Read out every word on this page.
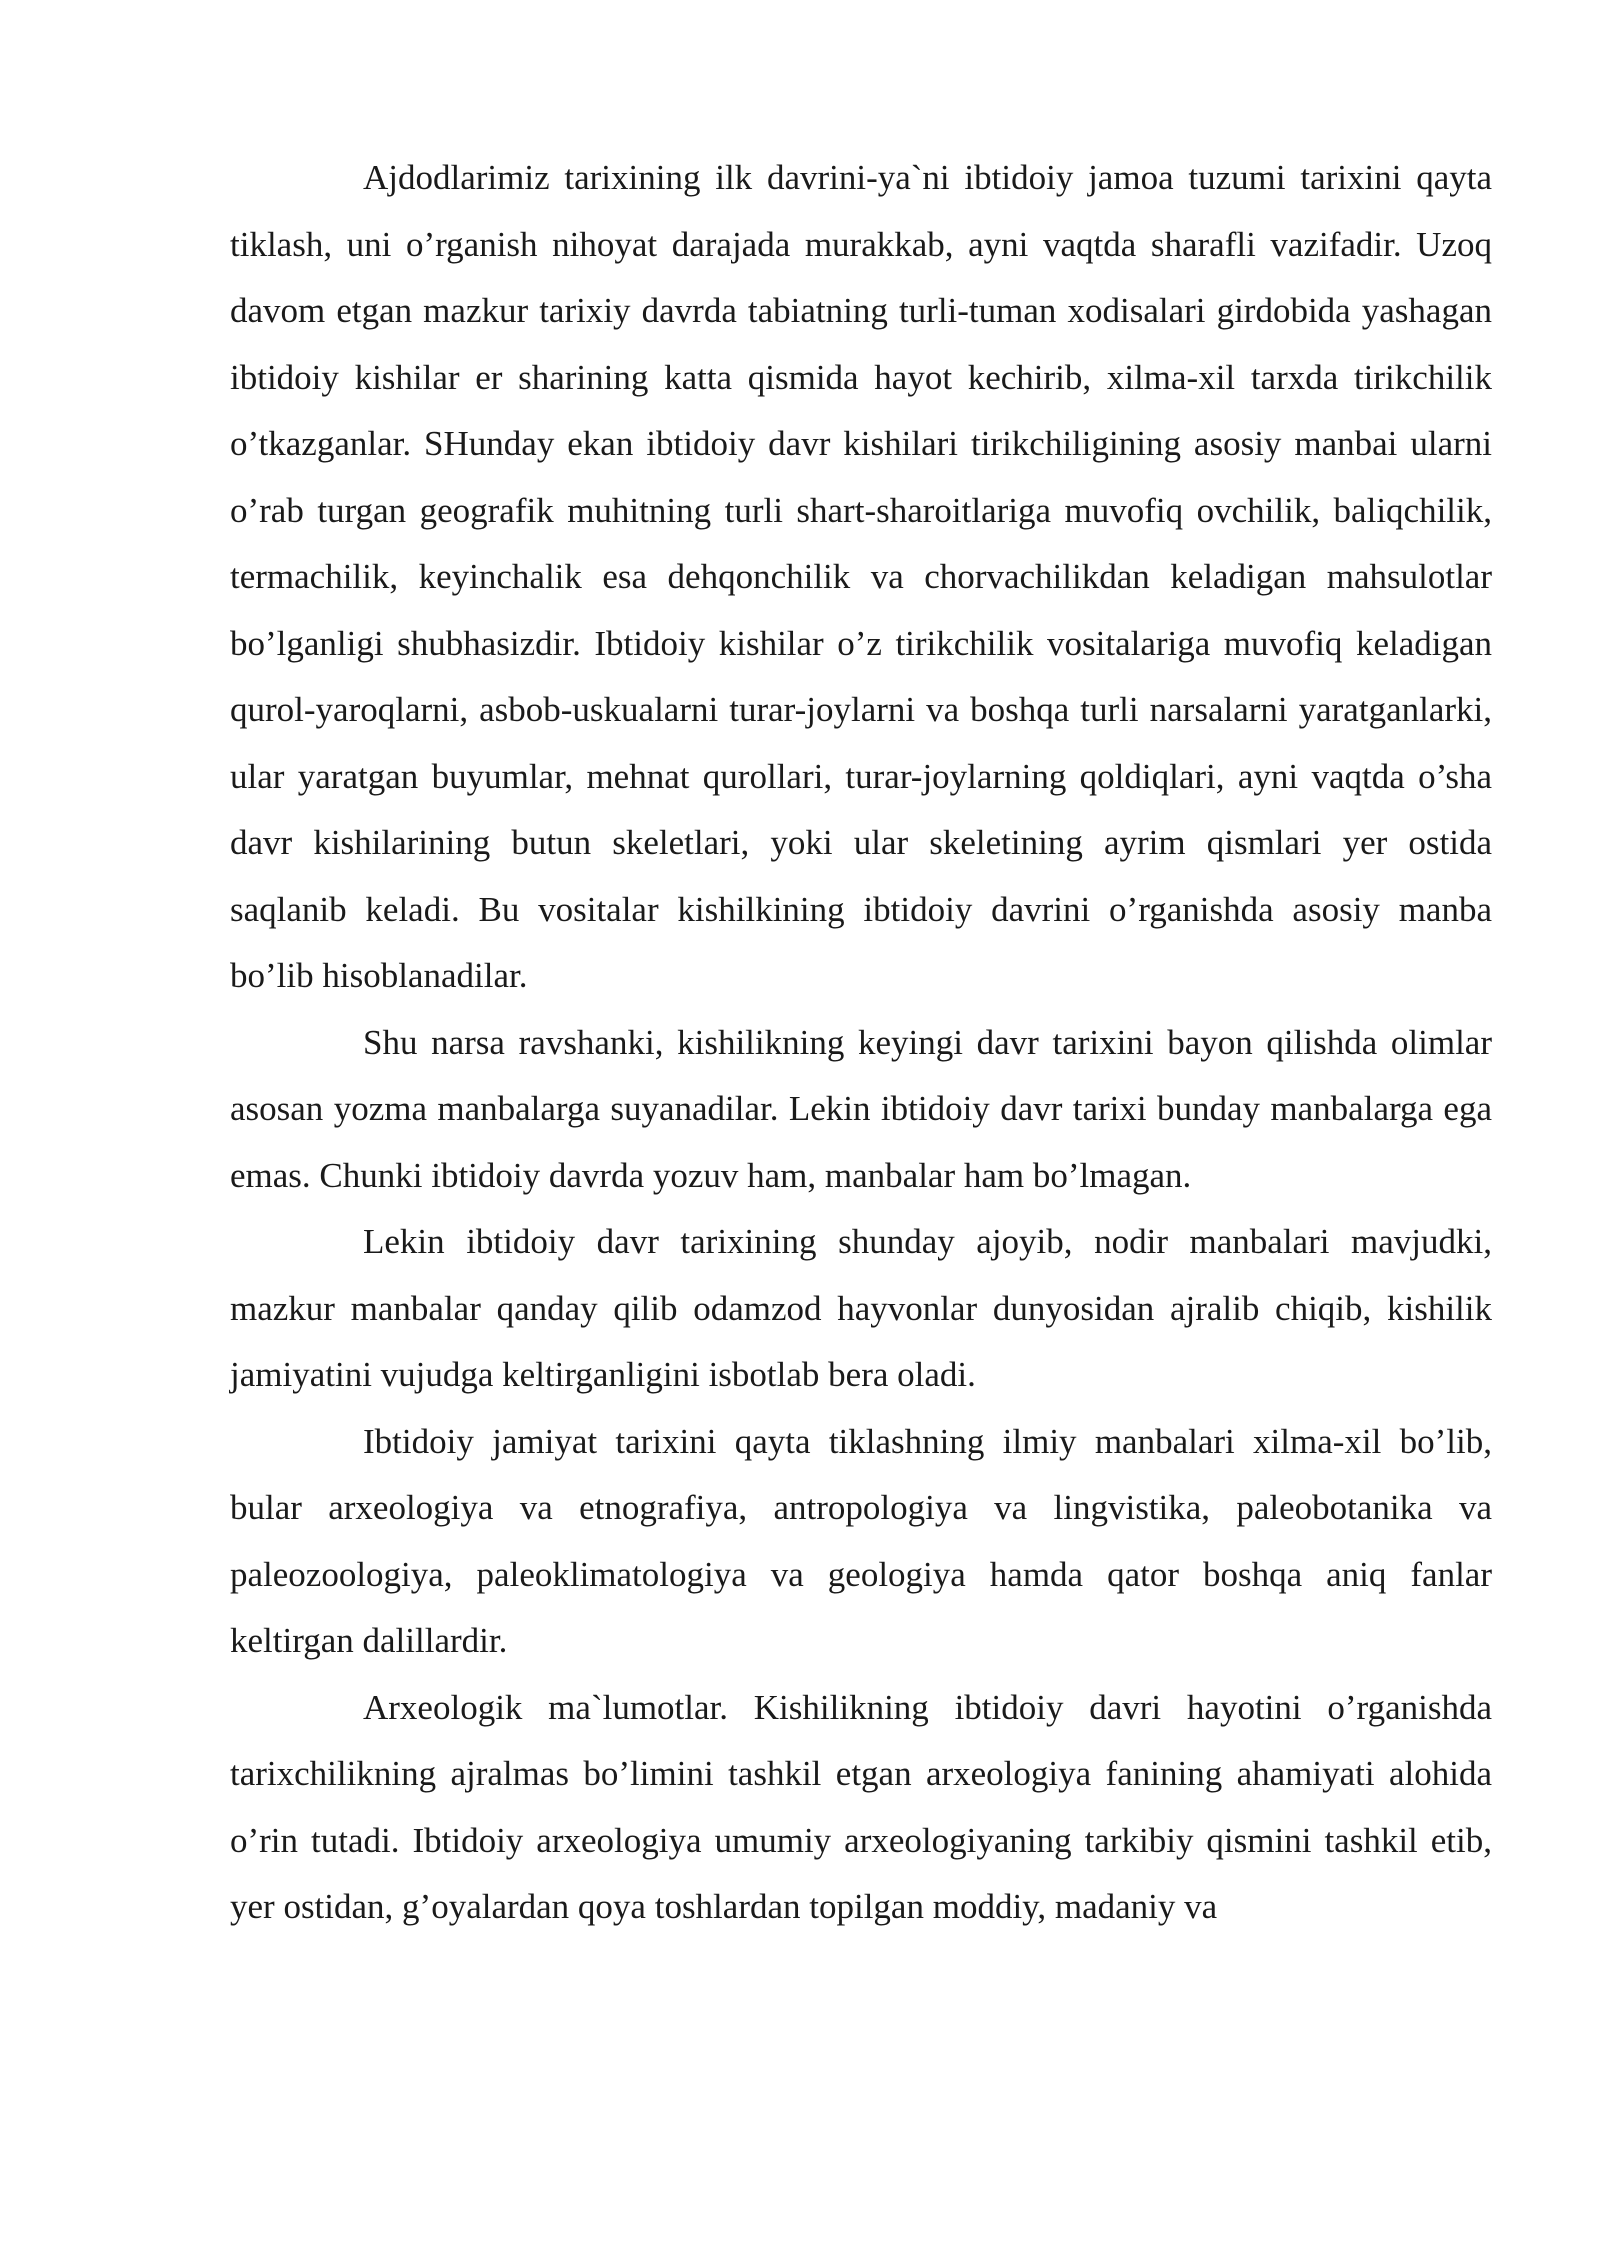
Ajdodlarimiz tarixining ilk davrini-ya`ni ibtidoiy jamoa tuzumi tarixini qayta tiklash, uni o’rganish nihoyat darajada murakkab, ayni vaqtda sharafli vazifadir. Uzoq davom etgan mazkur tarixiy davrda tabiatning turli-tuman xodisalari girdobida yashagan ibtidoiy kishilar er sharining katta qismida hayot kechirib, xilma-xil tarxda tirikchilik o’tkazganlar. SHunday ekan ibtidoiy davr kishilari tirikchiligining asosiy manbai ularni o’rab turgan geografik muhitning turli shart-sharoitlariga muvofiq ovchilik, baliqchilik, termachilik, keyinchalik esa dehqonchilik va chorvachilikdan keladigan mahsulotlar bo’lganligi shubhasizdir. Ibtidoiy kishilar o’z tirikchilik vositalariga muvofiq keladigan qurol-yaroqlarni, asbob-uskualarni turar-joylarni va boshqa turli narsalarni yaratganlarki, ular yaratgan buyumlar, mehnat qurollari, turar-joylarning qoldiqlari, ayni vaqtda o’sha davr kishilarining butun skeletlari, yoki ular skeletining ayrim qismlari yer ostida saqlanib keladi. Bu vositalar kishilkining ibtidoiy davrini o’rganishda asosiy manba bo’lib hisoblanadilar.

Shu narsa ravshanki, kishilikning keyingi davr tarixini bayon qilishda olimlar asosan yozma manbalarga suyanadilar. Lekin ibtidoiy davr tarixi bunday manbalarga ega emas. Chunki ibtidoiy davrda yozuv ham, manbalar ham bo’lmagan.

Lekin ibtidoiy davr tarixining shunday ajoyib, nodir manbalari mavjudki, mazkur manbalar qanday qilib odamzod hayvonlar dunyosidan ajralib chiqib, kishilik jamiyatini vujudga keltirganligini isbotlab bera oladi.

Ibtidoiy jamiyat tarixini qayta tiklashning ilmiy manbalari xilma-xil bo’lib, bular arxeologiya va etnografiya, antropologiya va lingvistika, paleobotanika va paleozoologiya, paleoklimatologiya va geologiya hamda qator boshqa aniq fanlar keltirgan dalillardir.

Arxeologik ma`lumotlar. Kishilikning ibtidoiy davri hayotini o’rganishda tarixchilikning ajralmas bo’limini tashkil etgan arxeologiya fanining ahamiyati alohida o’rin tutadi. Ibtidoiy arxeologiya umumiy arxeologiyaning tarkibiy qismini tashkil etib, yer ostidan, g’oyalardan qoya toshlardan topilgan moddiy, madaniy va
